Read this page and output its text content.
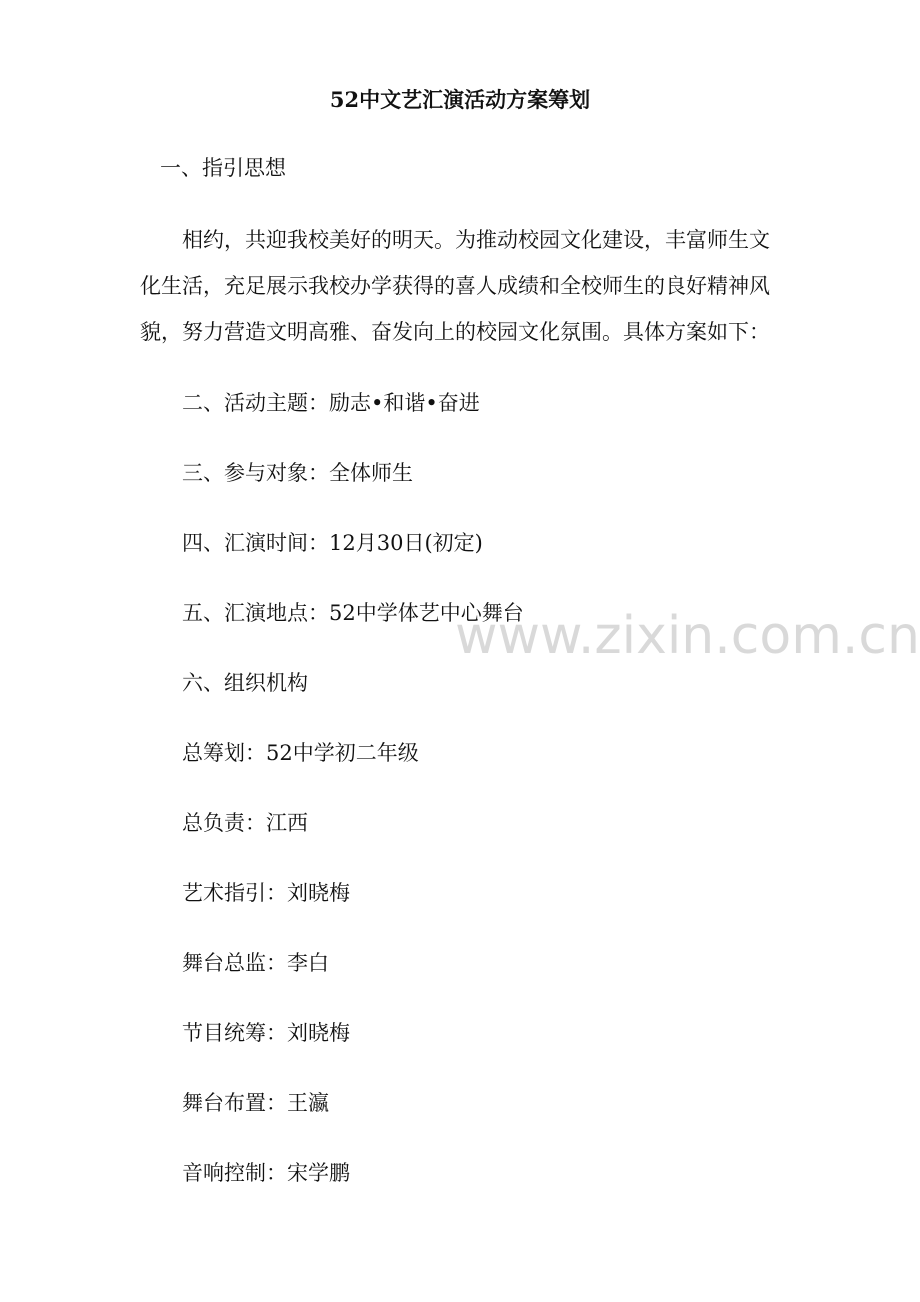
52中文艺汇演活动方案筹划
一、指引思想
相约，共迎我校美好的明天。为推动校园文化建设，丰富师生文
化生活，充足展示我校办学获得的喜人成绩和全校师生的良好精神风
貌，努力营造文明高雅、奋发向上的校园文化氛围。具体方案如下：
二、活动主题：励志•和谐•奋进
三、参与对象：全体师生
四、汇演时间：12月30日(初定)
五、汇演地点：52中学体艺中心舞台
六、组织机构
总筹划：52中学初二年级
总负责：江西
艺术指引：刘晓梅
舞台总监：李白
节目统筹：刘晓梅
舞台布置：王瀛
音响控制：宋学鹏
www.zixin.com.cn
